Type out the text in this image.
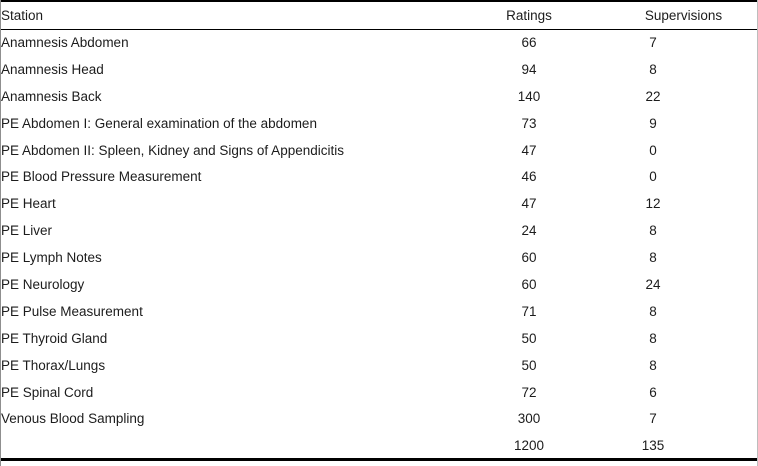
Station	Ratings	Supervisions	
Anamnesis Abdomen	66	7	
Anamnesis Head	94	8	
Anamnesis Back	140	22	
PE Abdomen I: General examination of the abdomen	73	9	
PE Abdomen II: Spleen, Kidney and Signs of Appendicitis	47	0	
PE Blood Pressure Measurement	46	0	
PE Heart	47	12	
PE Liver	24	8	
PE Lymph Notes	60	8	
PE Neurology	60	24	
PE Pulse Measurement	71	8	
PE Thyroid Gland	50	8	
PE Thorax/Lungs	50	8	
PE Spinal Cord	72	6	
Venous Blood Sampling	300	7	
	1200	135	
